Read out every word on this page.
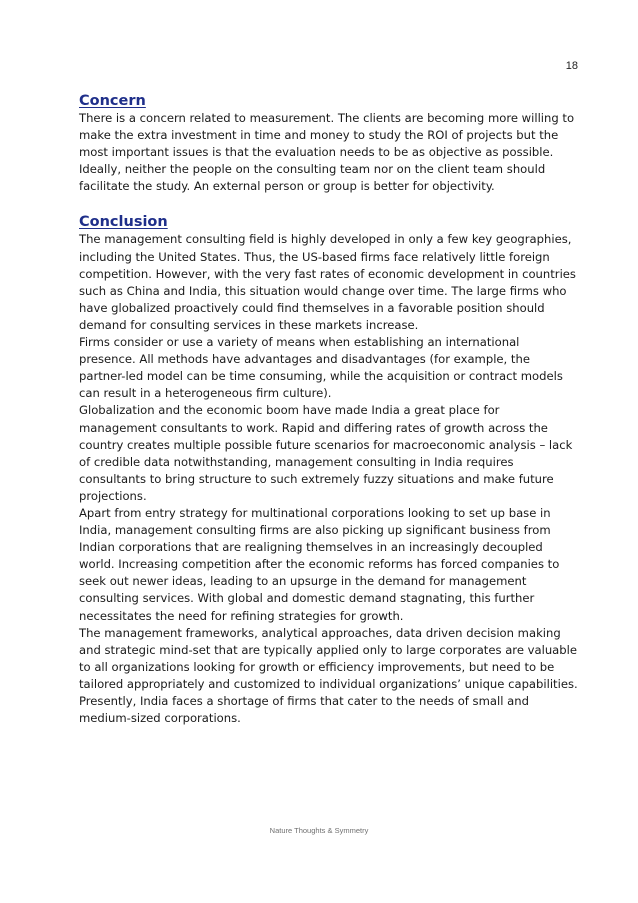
18
Concern

There is a concern related to measurement. The clients are becoming more willing to make the extra investment in time and money to study the ROI of projects but the most important issues is that the evaluation needs to be as objective as possible. Ideally, neither the people on the consulting team nor on the client team should facilitate the study. An external person or group is better for objectivity.

Conclusion

The management consulting field is highly developed in only a few key geographies, including the United States. Thus, the US-based firms face relatively little foreign competition. However, with the very fast rates of economic development in countries such as China and India, this situation would change over time. The large firms who have globalized proactively could find themselves in a favorable position should demand for consulting services in these markets increase.

Firms consider or use a variety of means when establishing an international presence. All methods have advantages and disadvantages (for example, the partner-led model can be time consuming, while the acquisition or contract models can result in a heterogeneous firm culture).

Globalization and the economic boom have made India a great place for management consultants to work. Rapid and differing rates of growth across the country creates multiple possible future scenarios for macroeconomic analysis – lack of credible data notwithstanding, management consulting in India requires consultants to bring structure to such extremely fuzzy situations and make future projections.

Apart from entry strategy for multinational corporations looking to set up base in India, management consulting firms are also picking up significant business from Indian corporations that are realigning themselves in an increasingly decoupled world. Increasing competition after the economic reforms has forced companies to seek out newer ideas, leading to an upsurge in the demand for management consulting services. With global and domestic demand stagnating, this further necessitates the need for refining strategies for growth.

The management frameworks, analytical approaches, data driven decision making and strategic mind-set that are typically applied only to large corporates are valuable to all organizations looking for growth or efficiency improvements, but need to be tailored appropriately and customized to individual organizations’ unique capabilities. Presently, India faces a shortage of firms that cater to the needs of small and medium-sized corporations.

Nature Thoughts & Symmetry
